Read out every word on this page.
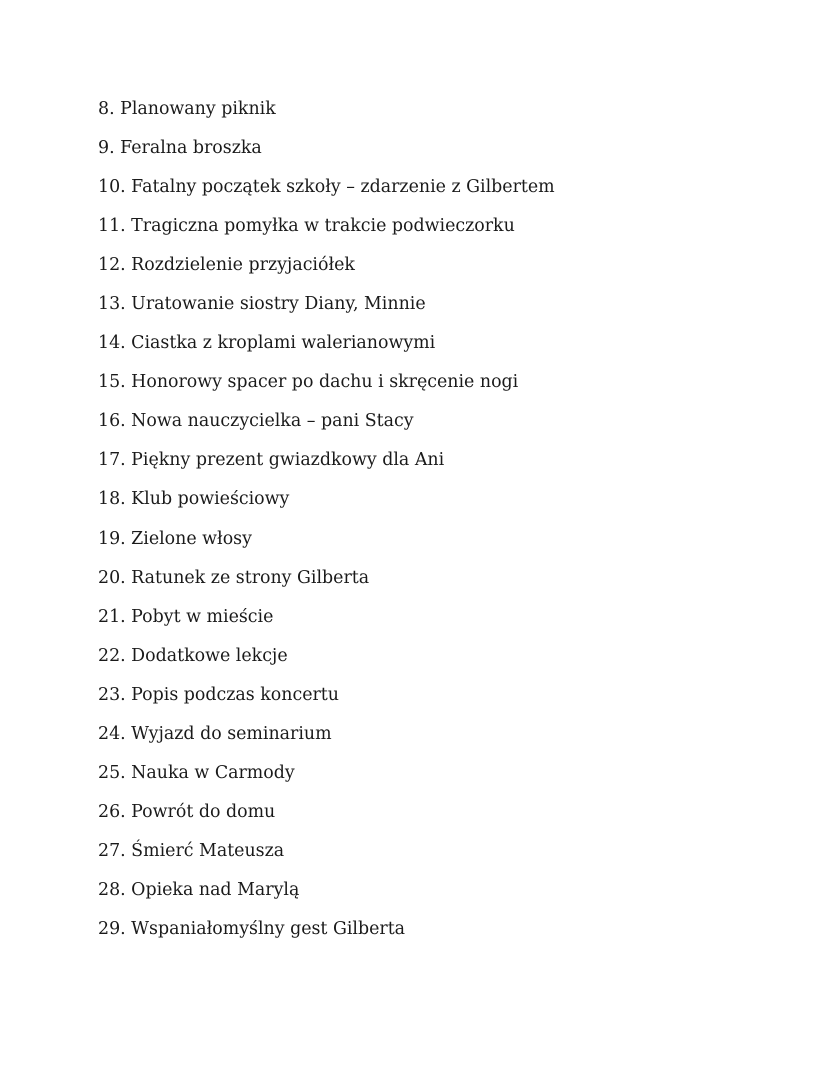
8. Planowany piknik
9. Feralna broszka
10. Fatalny początek szkoły – zdarzenie z Gilbertem
11. Tragiczna pomyłka w trakcie podwieczorku
12. Rozdzielenie przyjaciółek
13. Uratowanie siostry Diany, Minnie
14. Ciastka z kroplami walerianowymi
15. Honorowy spacer po dachu i skręcenie nogi
16. Nowa nauczycielka – pani Stacy
17. Piękny prezent gwiazdkowy dla Ani
18. Klub powieściowy
19. Zielone włosy
20. Ratunek ze strony Gilberta
21. Pobyt w mieście
22. Dodatkowe lekcje
23. Popis podczas koncertu
24. Wyjazd do seminarium
25. Nauka w Carmody
26. Powrót do domu
27. Śmierć Mateusza
28. Opieka nad Marylą
29. Wspaniałomyślny gest Gilberta
